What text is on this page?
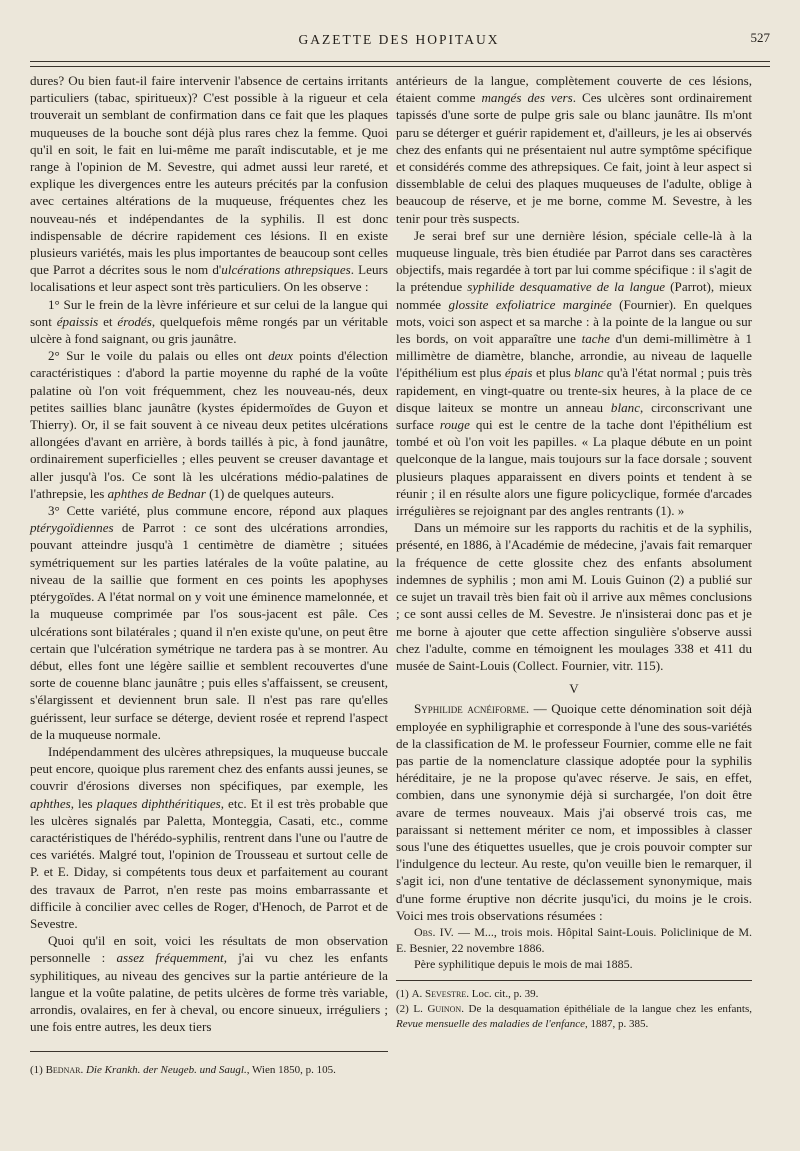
GAZETTE DES HOPITAUX	527

dures? Ou bien faut-il faire intervenir l'absence de certains irritants particuliers (tabac, spiritueux)? C'est possible à la rigueur et cela trouverait un semblant de confirmation dans ce fait que les plaques muqueuses de la bouche sont déjà plus rares chez la femme. Quoi qu'il en soit, le fait en lui-même me paraît indiscutable, et je me range à l'opinion de M. Sevestre, qui admet aussi leur rareté, et explique les divergences entre les auteurs précités par la confusion avec certaines altérations de la muqueuse, fréquentes chez les nouveau-nés et indépendantes de la syphilis. Il est donc indispensable de décrire rapidement ces lésions. Il en existe plusieurs variétés, mais les plus importantes de beaucoup sont celles que Parrot a décrites sous le nom d'ulcérations athrepsiques. Leurs localisations et leur aspect sont très particuliers. On les observe :

1° Sur le frein de la lèvre inférieure et sur celui de la langue qui sont épaissis et érodés, quelquefois même rongés par un véritable ulcère à fond saignant, ou gris jaunâtre.

2° Sur le voile du palais ou elles ont deux points d'élection caractéristiques : d'abord la partie moyenne du raphé de la voûte palatine où l'on voit fréquemment, chez les nouveau-nés, deux petites saillies blanc jaunâtre (kystes épidermoïdes de Guyon et Thierry). Or, il se fait souvent à ce niveau deux petites ulcérations allongées d'avant en arrière, à bords taillés à pic, à fond jaunâtre, ordinairement superficielles ; elles peuvent se creuser davantage et aller jusqu'à l'os. Ce sont là les ulcérations médio-palatines de l'athrepsie, les aphthes de Bednar (1) de quelques auteurs.

3° Cette variété, plus commune encore, répond aux plaques ptérygoïdiennes de Parrot : ce sont des ulcérations arrondies, pouvant atteindre jusqu'à 1 centimètre de diamètre ; situées symétriquement sur les parties latérales de la voûte palatine, au niveau de la saillie que forment en ces points les apophyses ptérygoïdes. A l'état normal on y voit une éminence mamelonnée, et la muqueuse comprimée par l'os sous-jacent est pâle. Ces ulcérations sont bilatérales ; quand il n'en existe qu'une, on peut être certain que l'ulcération symétrique ne tardera pas à se montrer. Au début, elles font une légère saillie et semblent recouvertes d'une sorte de couenne blanc jaunâtre ; puis elles s'affaissent, se creusent, s'élargissent et deviennent brun sale. Il n'est pas rare qu'elles guérissent, leur surface se déterge, devient rosée et reprend l'aspect de la muqueuse normale.

Indépendamment des ulcères athrepsiques, la muqueuse buccale peut encore, quoique plus rarement chez des enfants aussi jeunes, se couvrir d'érosions diverses non spécifiques, par exemple, les aphthes, les plaques diphthéritiques, etc. Et il est très probable que les ulcères signalés par Paletta, Monteggia, Casati, etc., comme caractéristiques de l'hérédo-syphilis, rentrent dans l'une ou l'autre de ces variétés. Malgré tout, l'opinion de Trousseau et surtout celle de P. et E. Diday, si compétents tous deux et parfaitement au courant des travaux de Parrot, n'en reste pas moins embarrassante et difficile à concilier avec celles de Roger, d'Henoch, de Parrot et de Sevestre.

Quoi qu'il en soit, voici les résultats de mon observation personnelle : assez fréquemment, j'ai vu chez les enfants syphilitiques, au niveau des gencives sur la partie antérieure de la langue et la voûte palatine, de petits ulcères de forme très variable, arrondis, ovalaires, en fer à cheval, ou encore sinueux, irréguliers ; une fois entre autres, les deux tiers

(1) Bednar. Die Krankh. der Neugeb. und Saugl., Wien 1850, p. 105.

antérieurs de la langue, complètement couverte de ces lésions, étaient comme mangés des vers. Ces ulcères sont ordinairement tapissés d'une sorte de pulpe gris sale ou blanc jaunâtre. Ils m'ont paru se déterger et guérir rapidement et, d'ailleurs, je les ai observés chez des enfants qui ne présentaient nul autre symptôme spécifique et considérés comme des athrepsiques. Ce fait, joint à leur aspect si dissemblable de celui des plaques muqueuses de l'adulte, oblige à beaucoup de réserve, et je me borne, comme M. Sevestre, à les tenir pour très suspects.

Je serai bref sur une dernière lésion, spéciale celle-là à la muqueuse linguale, très bien étudiée par Parrot dans ses caractères objectifs, mais regardée à tort par lui comme spécifique : il s'agit de la prétendue syphilide desquamative de la langue (Parrot), mieux nommée glossite exfoliatrice marginée (Fournier). En quelques mots, voici son aspect et sa marche : à la pointe de la langue ou sur les bords, on voit apparaître une tache d'un demi-millimètre à 1 millimètre de diamètre, blanche, arrondie, au niveau de laquelle l'épithélium est plus épais et plus blanc qu'à l'état normal ; puis très rapidement, en vingt-quatre ou trente-six heures, à la place de ce disque laiteux se montre un anneau blanc, circonscrivant une surface rouge qui est le centre de la tache dont l'épithélium est tombé et où l'on voit les papilles. « La plaque débute en un point quelconque de la langue, mais toujours sur la face dorsale ; souvent plusieurs plaques apparaissent en divers points et tendent à se réunir ; il en résulte alors une figure policyclique, formée d'arcades irrégulières se rejoignant par des angles rentrants (1). »

Dans un mémoire sur les rapports du rachitis et de la syphilis, présenté, en 1886, à l'Académie de médecine, j'avais fait remarquer la fréquence de cette glossite chez des enfants absolument indemnes de syphilis ; mon ami M. Louis Guinon (2) a publié sur ce sujet un travail très bien fait où il arrive aux mêmes conclusions ; ce sont aussi celles de M. Sevestre. Je n'insisterai donc pas et je me borne à ajouter que cette affection singulière s'observe aussi chez l'adulte, comme en témoignent les moulages 338 et 411 du musée de Saint-Louis (Collect. Fournier, vitr. 115).

V

Syphilide acnéiforme. — Quoique cette dénomination soit déjà employée en syphiligraphie et corresponde à l'une des sous-variétés de la classification de M. le professeur Fournier, comme elle ne fait pas partie de la nomenclature classique adoptée pour la syphilis héréditaire, je ne la propose qu'avec réserve. Je sais, en effet, combien, dans une synonymie déjà si surchargée, l'on doit être avare de termes nouveaux. Mais j'ai observé trois cas, me paraissant si nettement mériter ce nom, et impossibles à classer sous l'une des étiquettes usuelles, que je crois pouvoir compter sur l'indulgence du lecteur. Au reste, qu'on veuille bien le remarquer, il s'agit ici, non d'une tentative de déclassement synonymique, mais d'une forme éruptive non décrite jusqu'ici, du moins je le crois. Voici mes trois observations résumées :

Obs. IV. — M..., trois mois. Hôpital Saint-Louis. Policlinique de M. E. Besnier, 22 novembre 1886.

Père syphilitique depuis le mois de mai 1885.

(1) A. Sevestre. Loc. cit., p. 39.

(2) L. Guinon. De la desquamation épithéliale de la langue chez les enfants, Revue mensuelle des maladies de l'enfance, 1887, p. 385.
